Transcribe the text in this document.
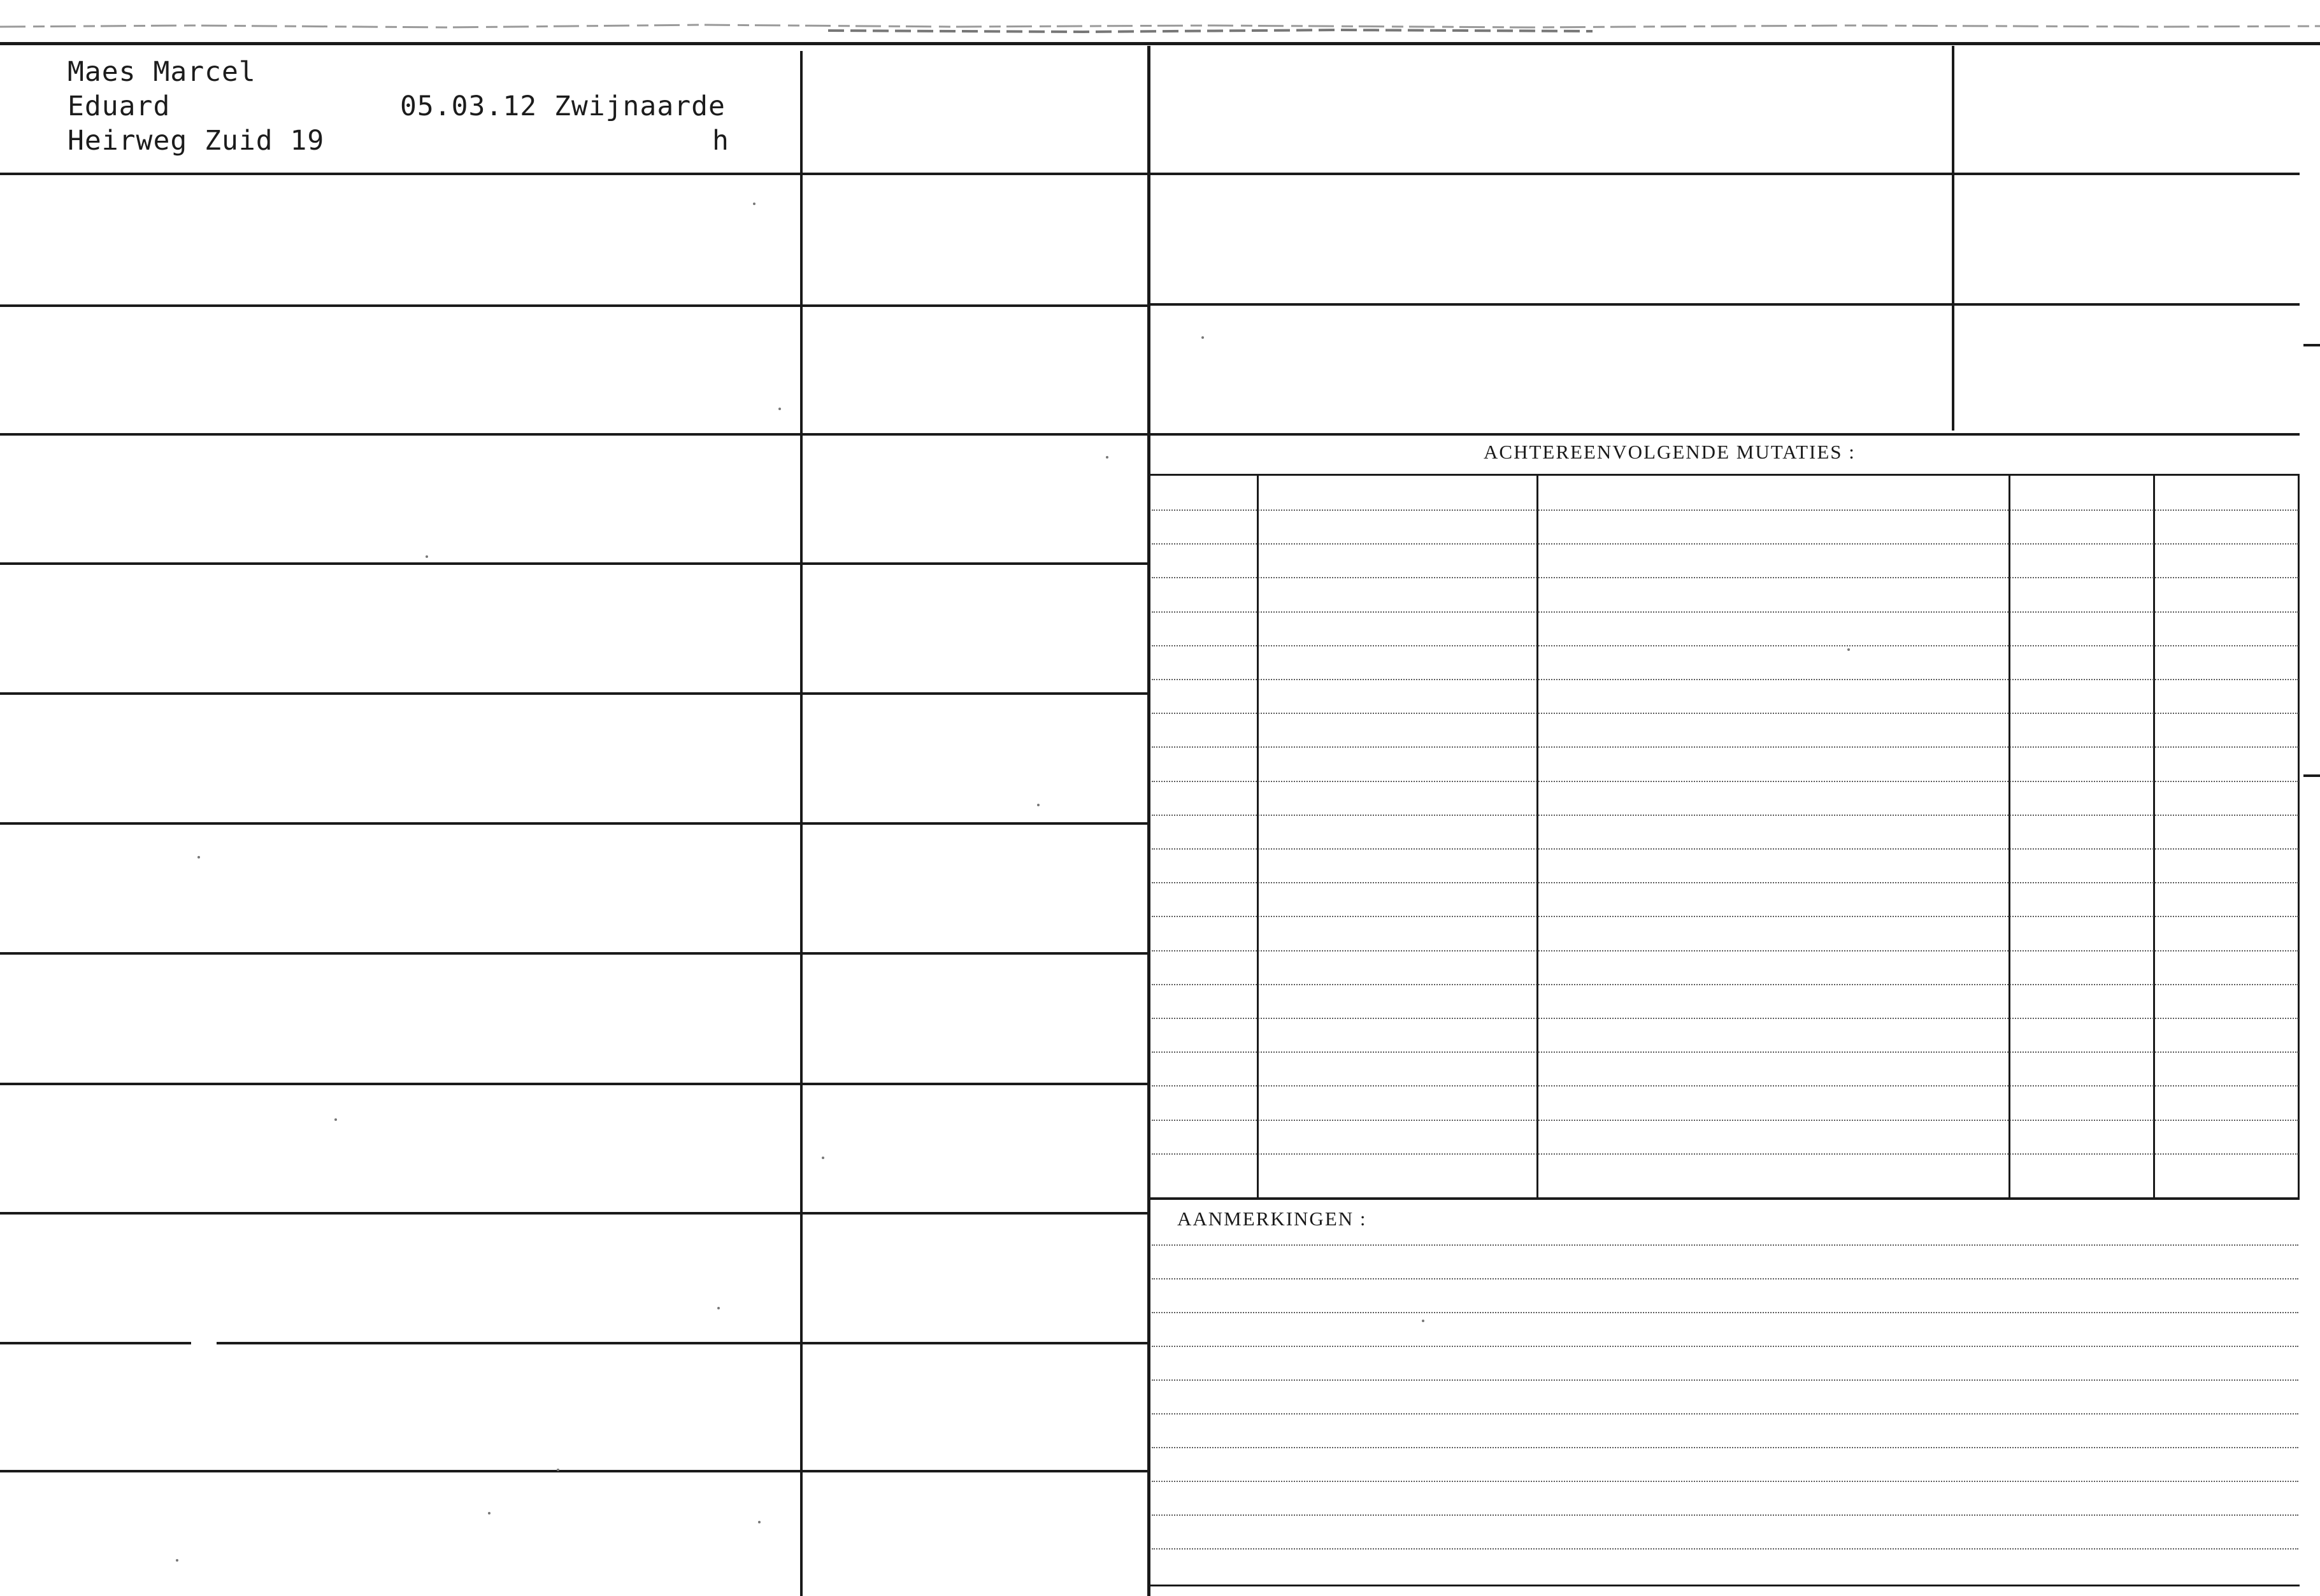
ACHTEREENVOLGENDE MUTATIES :
AANMERKINGEN :
Maes Marcel
Eduard
Heirweg Zuid 19
05.03.12 Zwijnaarde
h
